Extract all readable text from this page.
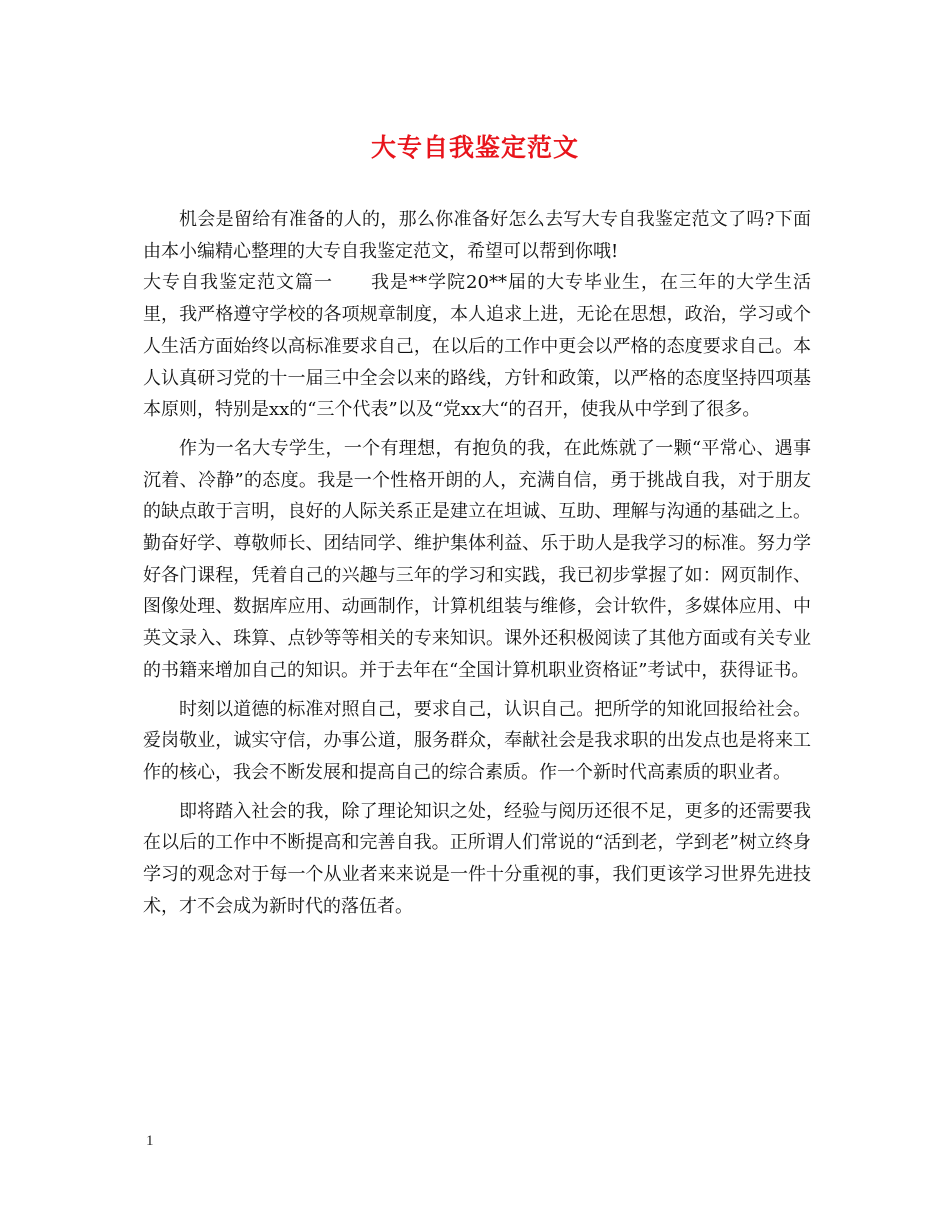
大专自我鉴定范文

机会是留给有准备的人的，那么你准备好怎么去写大专自我鉴定范文了吗?下面由本小编精心整理的大专自我鉴定范文，希望可以帮到你哦!

大专自我鉴定范文篇一　　我是**学院20**届的大专毕业生，在三年的大学生活里，我严格遵守学校的各项规章制度，本人追求上进，无论在思想，政治，学习或个人生活方面始终以高标准要求自己，在以后的工作中更会以严格的态度要求自己。本人认真研习党的十一届三中全会以来的路线，方针和政策，以严格的态度坚持四项基本原则，特别是xx的“三个代表”以及“党xx大“的召开，使我从中学到了很多。

作为一名大专学生，一个有理想，有抱负的我，在此炼就了一颗“平常心、遇事沉着、冷静”的态度。我是一个性格开朗的人，充满自信，勇于挑战自我，对于朋友的缺点敢于言明，良好的人际关系正是建立在坦诚、互助、理解与沟通的基础之上。勤奋好学、尊敬师长、团结同学、维护集体利益、乐于助人是我学习的标准。努力学好各门课程，凭着自己的兴趣与三年的学习和实践，我已初步掌握了如：网页制作、图像处理、数据库应用、动画制作，计算机组装与维修，会计软件，多媒体应用、中英文录入、珠算、点钞等等相关的专来知识。课外还积极阅读了其他方面或有关专业的书籍来增加自己的知识。并于去年在“全国计算机职业资格证”考试中，获得证书。

时刻以道德的标准对照自己，要求自己，认识自己。把所学的知讹回报给社会。爱岗敬业，诚实守信，办事公道，服务群众，奉献社会是我求职的出发点也是将来工作的核心，我会不断发展和提高自己的综合素质。作一个新时代高素质的职业者。

即将踏入社会的我，除了理论知识之处，经验与阅历还很不足，更多的还需要我在以后的工作中不断提高和完善自我。正所谓人们常说的“活到老，学到老”树立终身学习的观念对于每一个从业者来来说是一件十分重视的事，我们更该学习世界先进技术，才不会成为新时代的落伍者。

1
